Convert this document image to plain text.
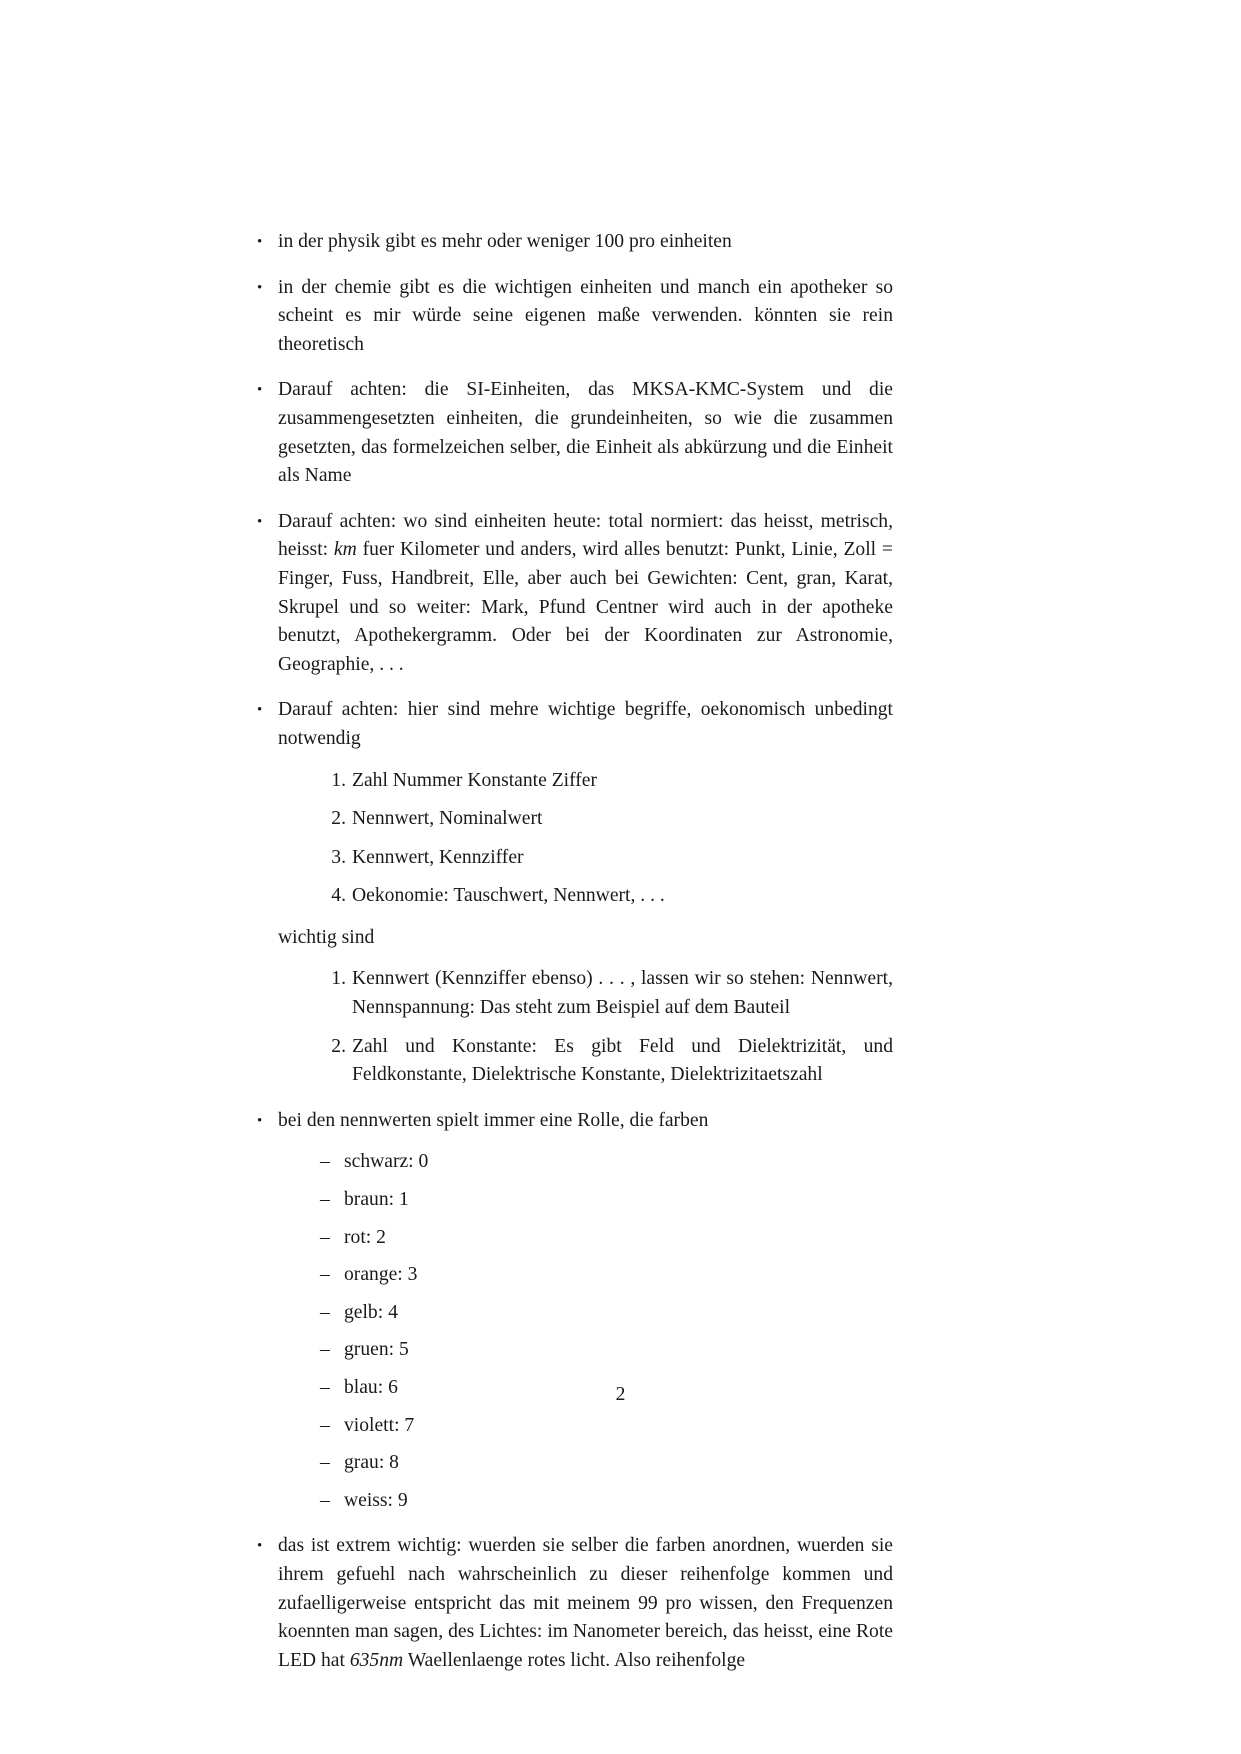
• in der physik gibt es mehr oder weniger 100 pro einheiten

• in der chemie gibt es die wichtigen einheiten und manch ein apotheker so scheint es mir würde seine eigenen maße verwenden. könnten sie rein theoretisch

• Darauf achten: die SI-Einheiten, das MKSA-KMC-System und die zusammengesetzten einheiten, die grundeinheiten, so wie die zusammen gesetzten, das formelzeichen selber, die Einheit als abkürzung und die Einheit als Name

• Darauf achten: wo sind einheiten heute: total normiert: das heisst, metrisch, heisst: km fuer Kilometer und anders, wird alles benutzt: Punkt, Linie, Zoll = Finger, Fuss, Handbreit, Elle, aber auch bei Gewichten: Cent, gran, Karat, Skrupel und so weiter: Mark, Pfund Centner wird auch in der apotheke benutzt, Apothekergramm. Oder bei der Koordinaten zur Astronomie, Geographie, . . .

• Darauf achten: hier sind mehre wichtige begriffe, oekonomisch unbedingt notwendig

1. Zahl Nummer Konstante Ziffer
2. Nennwert, Nominalwert
3. Kennwert, Kennziffer
4. Oekonomie: Tauschwert, Nennwert, . . .

wichtig sind

1. Kennwert (Kennziffer ebenso) . . . , lassen wir so stehen: Nennwert, Nennspannung: Das steht zum Beispiel auf dem Bauteil
2. Zahl und Konstante: Es gibt Feld und Dielektrizität, und Feldkonstante, Dielektrische Konstante, Dielektrizitaetszahl
• bei den nennwerten spielt immer eine Rolle, die farben

– schwarz: 0
– braun: 1
– rot: 2
– orange: 3
– gelb: 4
– gruen: 5
– blau: 6
– violett: 7
– grau: 8
– weiss: 9
• das ist extrem wichtig: wuerden sie selber die farben anordnen, wuerden sie ihrem gefuehl nach wahrscheinlich zu dieser reihenfolge kommen und zufaelligerweise entspricht das mit meinem 99 pro wissen, den Frequenzen koennten man sagen, des Lichtes: im Nanometer bereich, das heisst, eine Rote LED hat 635nm Waellenlaenge rotes licht. Also reihenfolge

2
